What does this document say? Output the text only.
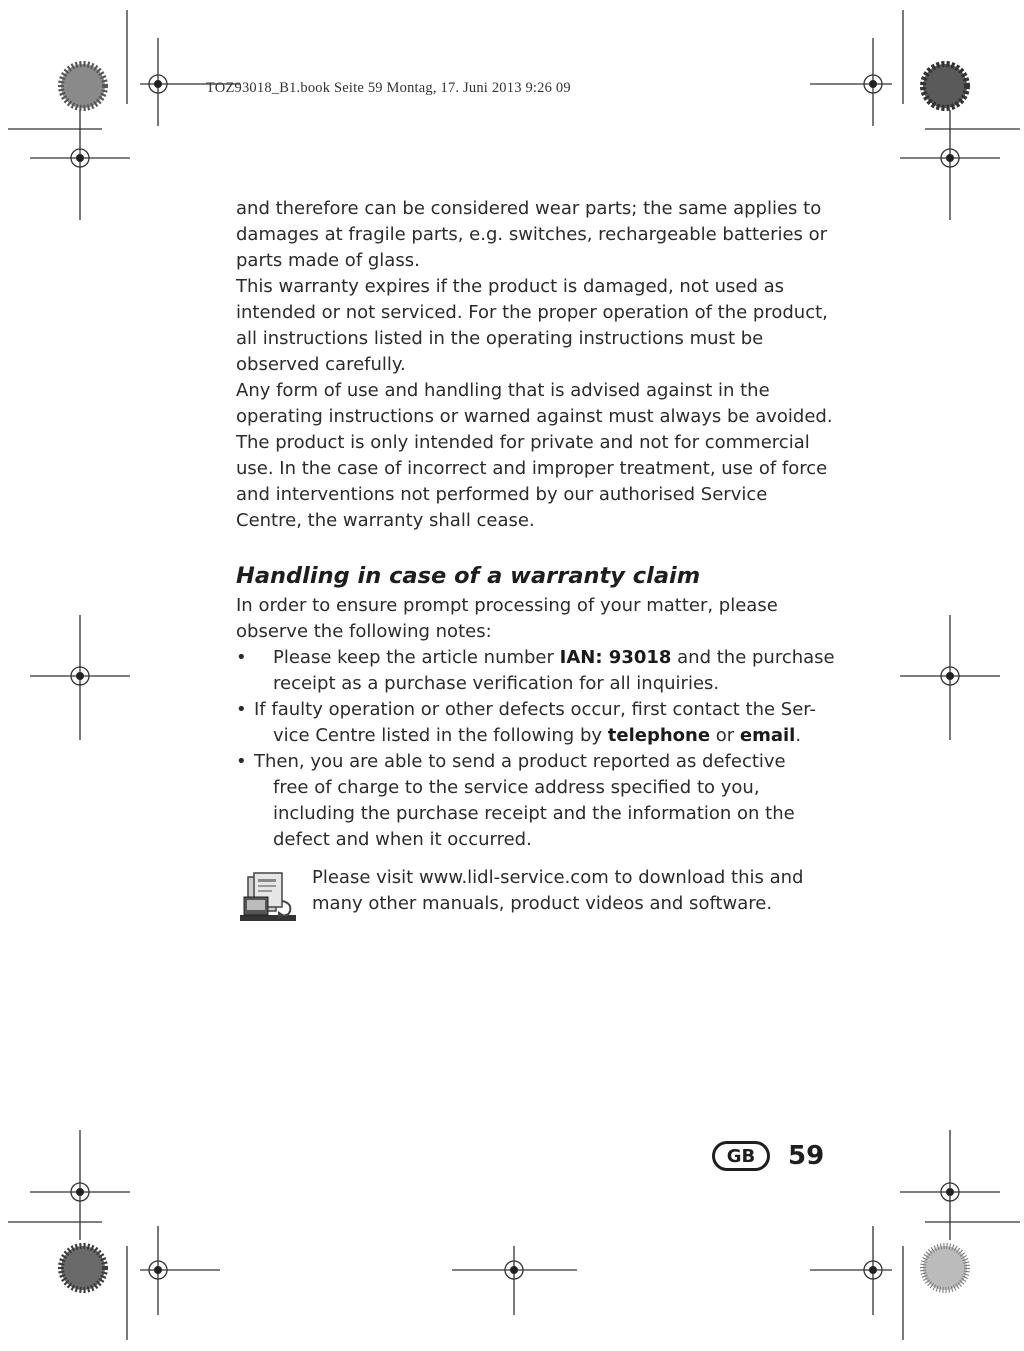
TOZ93018_B1.book Seite 59 Montag, 17. Juni 2013 9:26 09

and therefore can be considered wear parts; the same applies to damages at fragile parts, e.g. switches, rechargeable batteries or parts made of glass.

This warranty expires if the product is damaged, not used as intended or not serviced. For the proper operation of the product, all instructions listed in the operating instructions must be observed carefully.

Any form of use and handling that is advised against in the operating instructions or warned against must always be avoided.

The product is only intended for private and not for commercial use. In the case of incorrect and improper treatment, use of force and interventions not performed by our authorised Service Centre, the warranty shall cease.

Handling in case of a warranty claim

In order to ensure prompt processing of your matter, please observe the following notes:

• Please keep the article number IAN: 93018 and the purchase receipt as a purchase verification for all inquiries.
• If faulty operation or other defects occur, first contact the Ser-
vice Centre listed in the following by telephone or email.
• Then, you are able to send a product reported as defective
free of charge to the service address specified to you, including the purchase receipt and the information on the defect and when it occurred.
Please visit www.lidl-service.com to download this and many other manuals, product videos and software.
GB	59
